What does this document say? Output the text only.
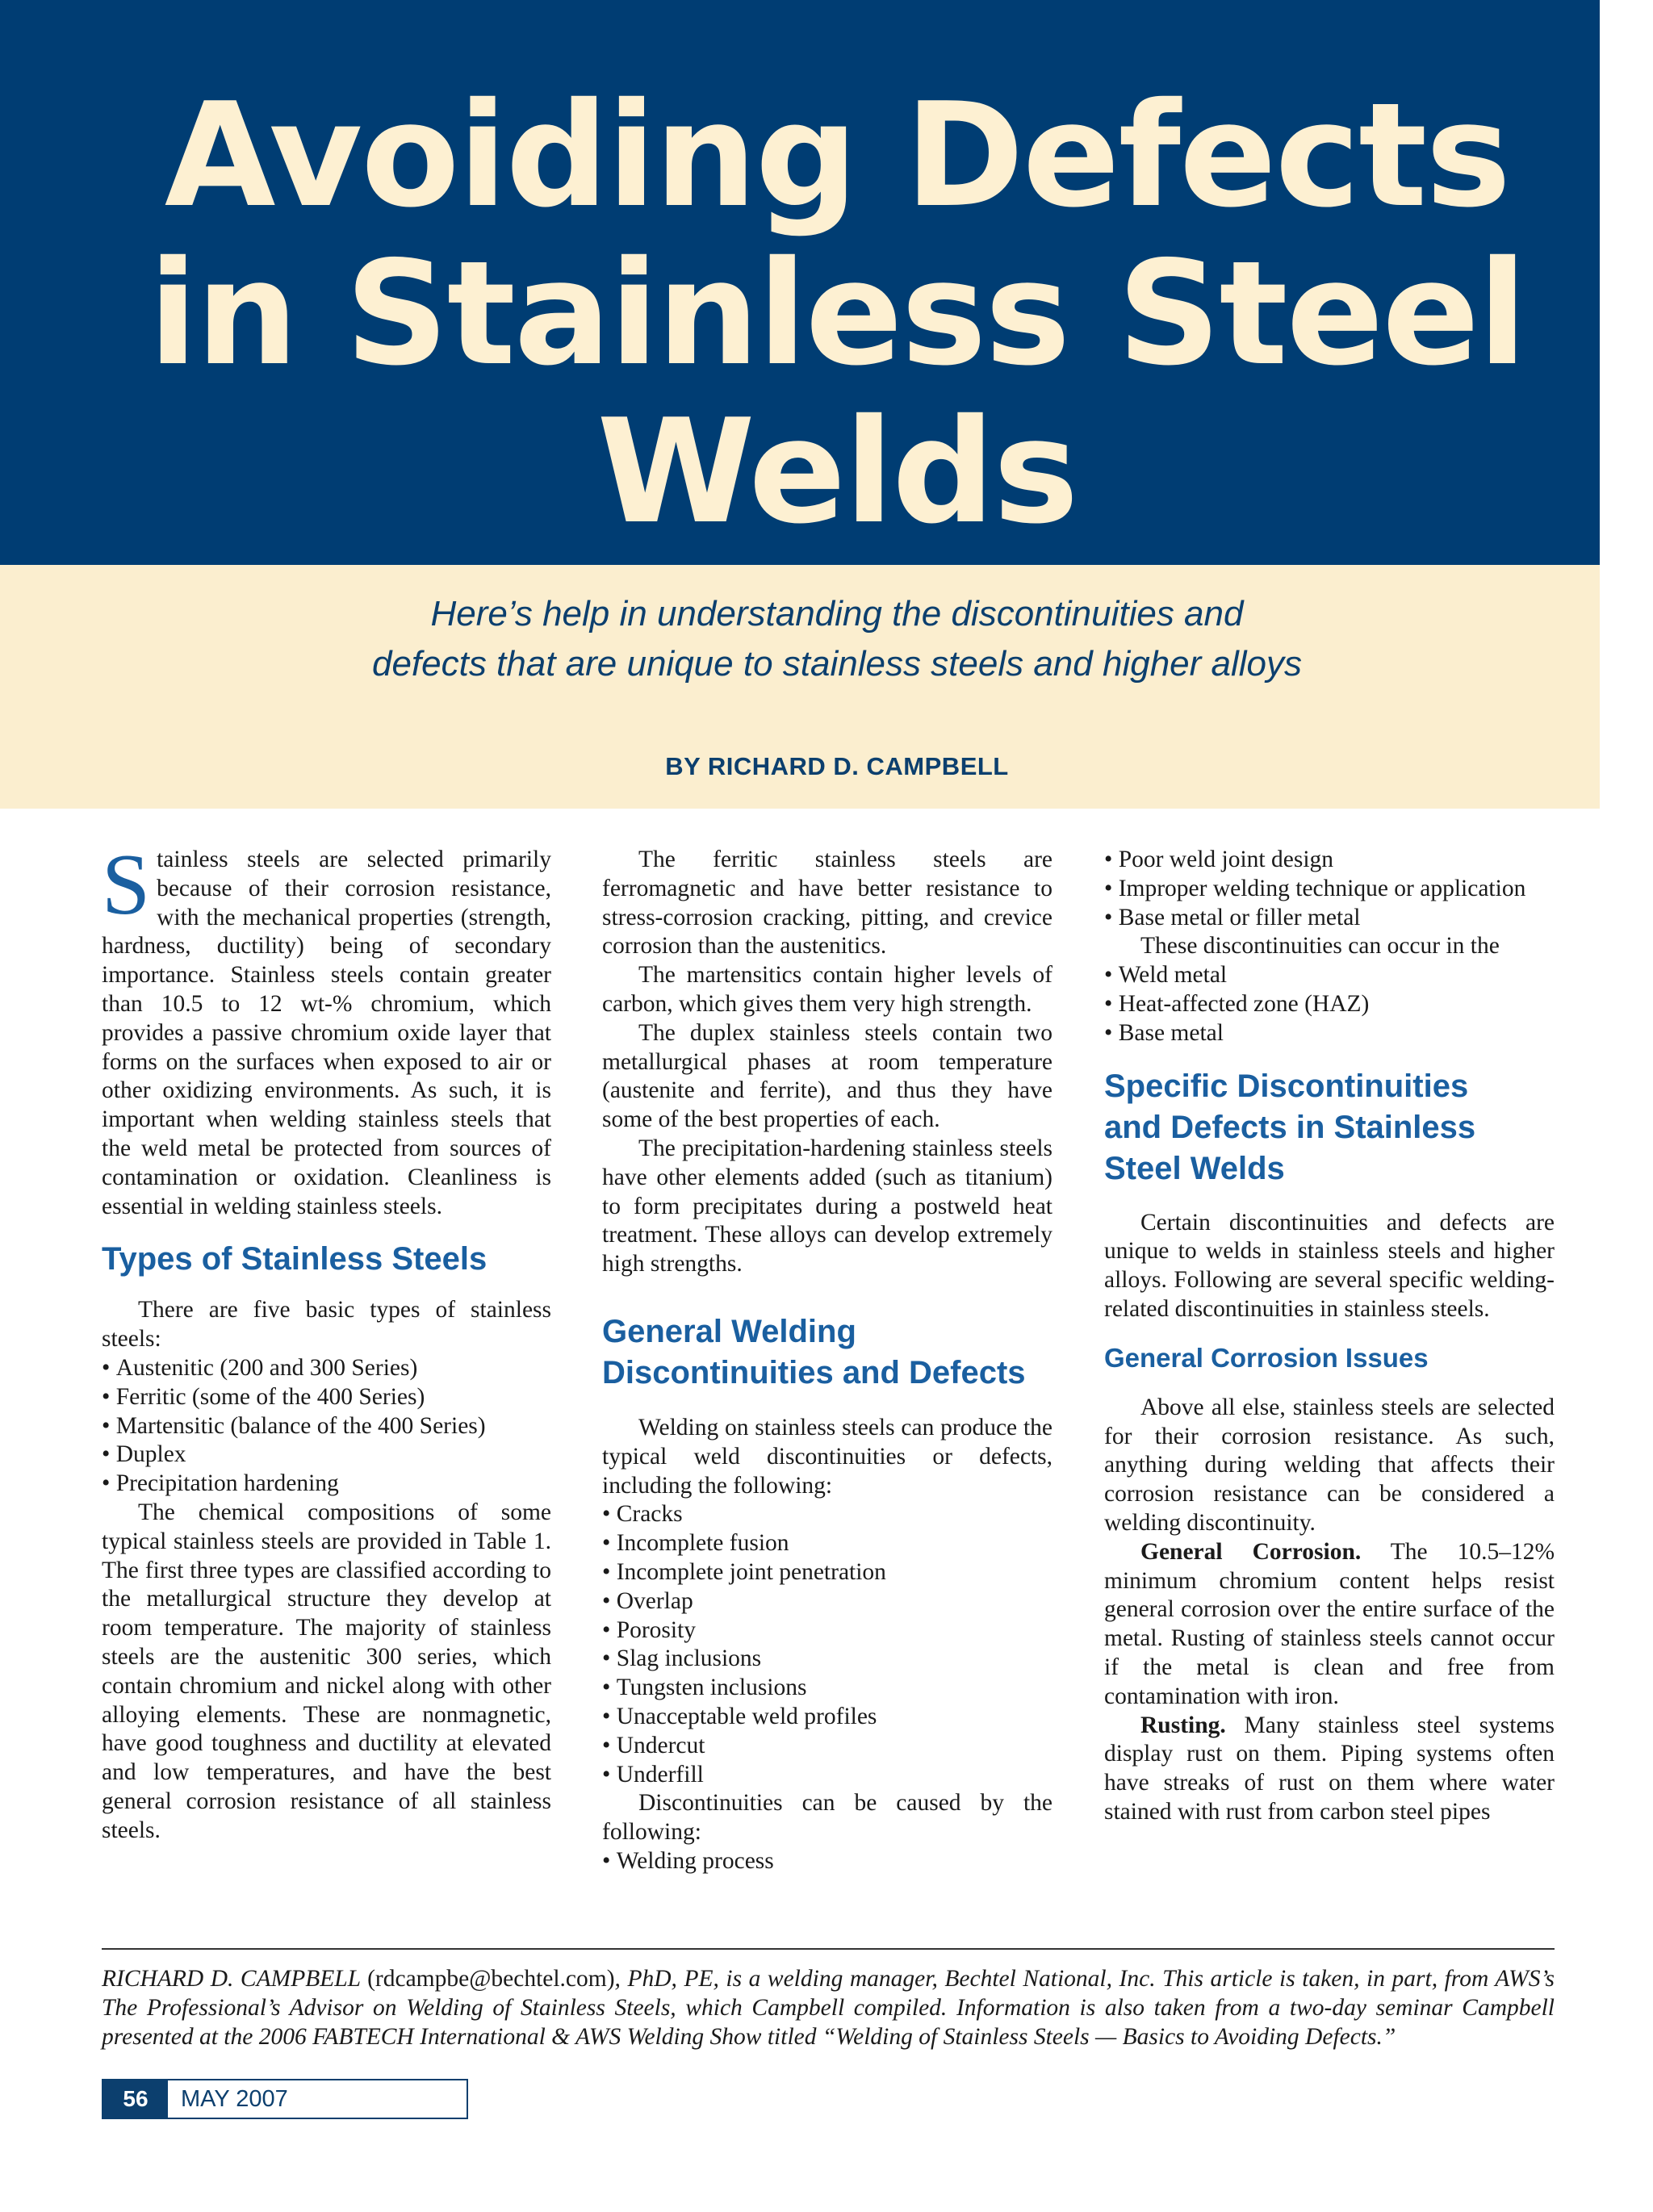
Avoiding Defects
in Stainless Steel
Welds

Here’s help in understanding the discontinuities and
defects that are unique to stainless steels and higher alloys

BY RICHARD D. CAMPBELL

Stainless steels are selected primarily because of their corrosion resistance, with the mechanical properties (strength, hardness, ductility) being of secondary importance. Stainless steels contain greater than 10.5 to 12 wt-% chromium, which provides a passive chromium oxide layer that forms on the surfaces when exposed to air or other oxidizing environments. As such, it is important when welding stainless steels that the weld metal be protected from sources of contamination or oxidation. Cleanliness is essential in welding stainless steels.

Types of Stainless Steels

There are five basic types of stainless steels:

• Austenitic (200 and 300 Series)
• Ferritic (some of the 400 Series)
• Martensitic (balance of the 400 Series)
• Duplex
• Precipitation hardening

The chemical compositions of some typical stainless steels are provided in Table 1. The first three types are classified according to the metallurgical structure they develop at room temperature. The majority of stainless steels are the austenitic 300 series, which contain chromium and nickel along with other alloying elements. These are nonmagnetic, have good toughness and ductility at elevated and low temperatures, and have the best general corrosion resistance of all stainless steels.

The ferritic stainless steels are ferromagnetic and have better resistance to stress-corrosion cracking, pitting, and crevice corrosion than the austenitics.

The martensitics contain higher levels of carbon, which gives them very high strength.

The duplex stainless steels contain two metallurgical phases at room temperature (austenite and ferrite), and thus they have some of the best properties of each.

The precipitation-hardening stainless steels have other elements added (such as titanium) to form precipitates during a postweld heat treatment. These alloys can develop extremely high strengths.

General Welding
Discontinuities and Defects

Welding on stainless steels can produce the typical weld discontinuities or defects, including the following:

• Cracks
• Incomplete fusion
• Incomplete joint penetration
• Overlap
• Porosity
• Slag inclusions
• Tungsten inclusions
• Unacceptable weld profiles
• Undercut
• Underfill

Discontinuities can be caused by the following:

• Welding process
• Poor weld joint design
• Improper welding technique or application
• Base metal or filler metal

These discontinuities can occur in the

• Weld metal
• Heat-affected zone (HAZ)
• Base metal
Specific Discontinuities
and Defects in Stainless
Steel Welds

Certain discontinuities and defects are unique to welds in stainless steels and higher alloys. Following are several specific welding-related discontinuities in stainless steels.

General Corrosion Issues

Above all else, stainless steels are selected for their corrosion resistance. As such, anything during welding that affects their corrosion resistance can be considered a welding discontinuity.

General Corrosion. The 10.5–12% minimum chromium content helps resist general corrosion over the entire surface of the metal. Rusting of stainless steels cannot occur if the metal is clean and free from contamination with iron.

Rusting. Many stainless steel systems display rust on them. Piping systems often have streaks of rust on them where water stained with rust from carbon steel pipes

RICHARD D. CAMPBELL (rdcampbe@bechtel.com), PhD, PE, is a welding manager, Bechtel National, Inc. This article is taken, in part, from AWS’s The Professional’s Advisor on Welding of Stainless Steels, which Campbell compiled. Information is also taken from a two-day seminar Campbell presented at the 2006 FABTECH International & AWS Welding Show titled “Welding of Stainless Steels — Basics to Avoiding Defects.”

56	MAY 2007
